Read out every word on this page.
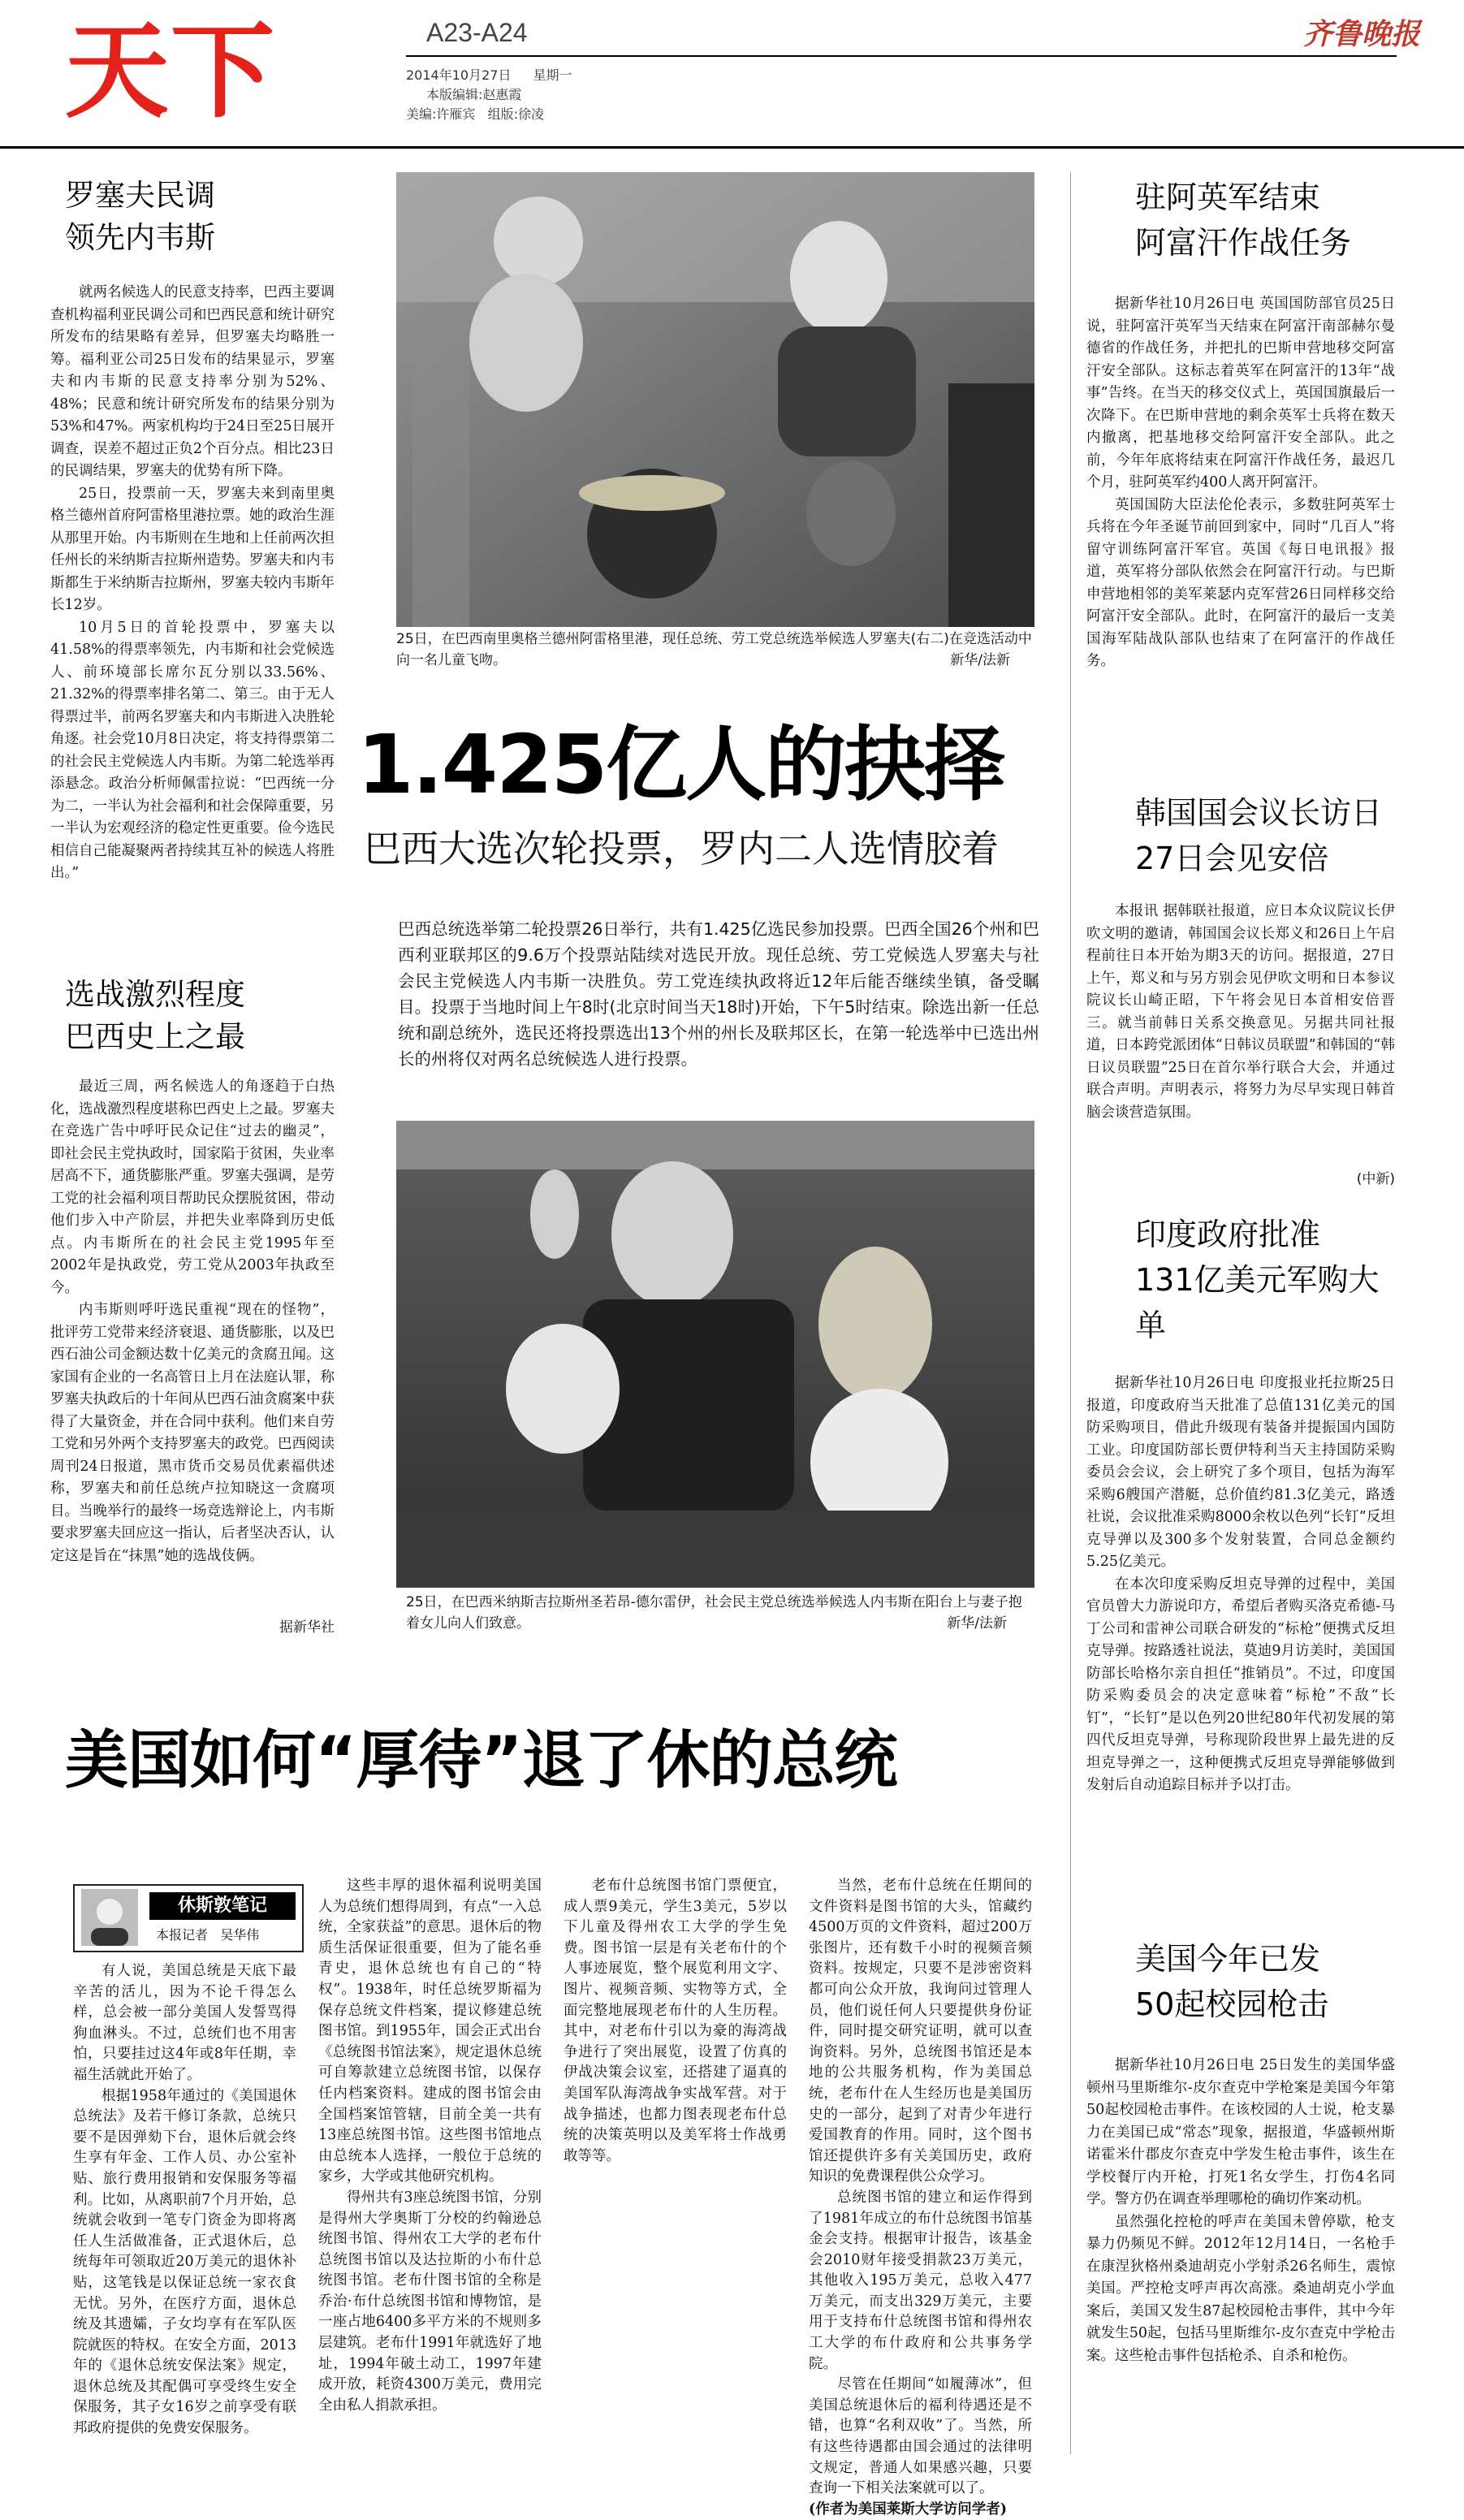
天下	A23-A24
2014年10月27日 星期一
本版编辑:赵惠霞
美编:许雁宾   组版:徐凌
齐鲁晚报
罗塞夫民调
领先内韦斯

就两名候选人的民意支持率，巴西主要调查机构福利亚民调公司和巴西民意和统计研究所发布的结果略有差异，但罗塞夫均略胜一筹。福利亚公司25日发布的结果显示，罗塞夫和内韦斯的民意支持率分别为52%、48%；民意和统计研究所发布的结果分别为53%和47%。两家机构均于24日至25日展开调查，误差不超过正负2个百分点。相比23日的民调结果，罗塞夫的优势有所下降。

25日，投票前一天，罗塞夫来到南里奥格兰德州首府阿雷格里港拉票。她的政治生涯从那里开始。内韦斯则在生地和上任前两次担任州长的米纳斯吉拉斯州造势。罗塞夫和内韦斯都生于米纳斯吉拉斯州，罗塞夫较内韦斯年长12岁。

10月5日的首轮投票中，罗塞夫以41.58%的得票率领先，内韦斯和社会党候选人、前环境部长席尔瓦分别以33.56%、21.32%的得票率排名第二、第三。由于无人得票过半，前两名罗塞夫和内韦斯进入决胜轮角逐。社会党10月8日决定，将支持得票第二的社会民主党候选人内韦斯。为第二轮选举再添悬念。政治分析师佩雷拉说：“巴西统一分为二，一半认为社会福利和社会保障重要，另一半认为宏观经济的稳定性更重要。俭今选民相信自己能凝聚两者持续其互补的候选人将胜出。”

选战激烈程度
巴西史上之最

最近三周，两名候选人的角逐趋于白热化，选战激烈程度堪称巴西史上之最。罗塞夫在竞选广告中呼吁民众记住“过去的幽灵”，即社会民主党执政时，国家陷于贫困，失业率居高不下，通货膨胀严重。罗塞夫强调，是劳工党的社会福利项目帮助民众摆脱贫困，带动他们步入中产阶层，并把失业率降到历史低点。内韦斯所在的社会民主党1995年至2002年是执政党，劳工党从2003年执政至今。

内韦斯则呼吁选民重视“现在的怪物”，批评劳工党带来经济衰退、通货膨胀，以及巴西石油公司金额达数十亿美元的贪腐丑闻。这家国有企业的一名高管日上月在法庭认罪，称罗塞夫执政后的十年间从巴西石油贪腐案中获得了大量资金，并在合同中获利。他们来自劳工党和另外两个支持罗塞夫的政党。巴西阅读周刊24日报道，黑市货币交易员优素福供述称，罗塞夫和前任总统卢拉知晓这一贪腐项目。当晚举行的最终一场竞选辩论上，内韦斯要求罗塞夫回应这一指认，后者坚决否认，认定这是旨在“抹黑”她的选战伎俩。

据新华社
25日，在巴西南里奥格兰德州阿雷格里港，现任总统、劳工党总统选举候选人罗塞夫(右二)在竞选活动中向一名儿童飞吻。	新华/法新
1.425亿人的抉择
巴西大选次轮投票，罗内二人选情胶着
巴西总统选举第二轮投票26日举行，共有1.425亿选民参加投票。巴西全国26个州和巴西利亚联邦区的9.6万个投票站陆续对选民开放。现任总统、劳工党候选人罗塞夫与社会民主党候选人内韦斯一决胜负。劳工党连续执政将近12年后能否继续坐镇，备受瞩目。投票于当地时间上午8时(北京时间当天18时)开始，下午5时结束。除选出新一任总统和副总统外，选民还将投票选出13个州的州长及联邦区长，在第一轮选举中已选出州长的州将仅对两名总统候选人进行投票。
25日，在巴西米纳斯吉拉斯州圣若昂-德尔雷伊，社会民主党总统选举候选人内韦斯在阳台上与妻子抱着女儿向人们致意。	新华/法新
美国如何“厚待”退了休的总统
休斯敦笔记
本报记者   吴华伟

有人说，美国总统是天底下最辛苦的活儿，因为不论千得怎么样，总会被一部分美国人发誓骂得狗血淋头。不过，总统们也不用害怕，只要挂过这4年或8年任期，幸福生活就此开始了。

根据1958年通过的《美国退休总统法》及若干修订条款，总统只要不是因弹劾下台，退休后就会终生享有年金、工作人员、办公室补贴、旅行费用报销和安保服务等福利。比如，从离职前7个月开始，总统就会收到一笔专门资金为即将离任人生活做准备，正式退休后，总统每年可领取近20万美元的退休补贴，这笔钱是以保证总统一家衣食无忧。另外，在医疗方面，退休总统及其遗孀，子女均享有在军队医院就医的特权。在安全方面，2013年的《退休总统安保法案》规定，退休总统及其配偶可享受终生安全保服务，其子女16岁之前享受有联邦政府提供的免费安保服务。

这些丰厚的退休福利说明美国人为总统们想得周到，有点“一入总统，全家获益”的意思。退休后的物质生活保证很重要，但为了能名垂青史，退休总统也有自己的“特权”。1938年，时任总统罗斯福为保存总统文件档案，提议修建总统图书馆。到1955年，国会正式出台《总统图书馆法案》，规定退休总统可自筹款建立总统图书馆，以保存任内档案资料。建成的图书馆会由全国档案馆管辖，目前全美一共有13座总统图书馆。这些图书馆地点由总统本人选择，一般位于总统的家乡，大学或其他研究机构。

得州共有3座总统图书馆，分别是得州大学奥斯丁分校的约翰逊总统图书馆、得州农工大学的老布什总统图书馆以及达拉斯的小布什总统图书馆。老布什图书馆的全称是乔治·布什总统图书馆和博物馆，是一座占地6400多平方米的不规则多层建筑。老布什1991年就选好了地址，1994年破土动工，1997年建成开放，耗资4300万美元，费用完全由私人捐款承担。

老布什总统图书馆门票便宜，成人票9美元，学生3美元，5岁以下儿童及得州农工大学的学生免费。图书馆一层是有关老布什的个人事迹展览，整个展览利用文字、图片、视频音频、实物等方式，全面完整地展现老布什的人生历程。其中，对老布什引以为豪的海湾战争进行了突出展览，设置了仿真的伊战决策会议室，还搭建了逼真的美国军队海湾战争实战军营。对于战争描述，也都力图表现老布什总统的决策英明以及美军将士作战勇敢等等。

当然，老布什总统在任期间的文件资料是图书馆的大头，馆藏约4500万页的文件资料，超过200万张图片，还有数千小时的视频音频资料。按规定，只要不是涉密资料都可向公众开放，我询问过管理人员，他们说任何人只要提供身份证件，同时提交研究证明，就可以查询资料。另外，总统图书馆还是本地的公共服务机构，作为美国总统，老布什在人生经历也是美国历史的一部分，起到了对青少年进行爱国教育的作用。同时，这个图书馆还提供许多有关美国历史，政府知识的免费课程供公众学习。

总统图书馆的建立和运作得到了1981年成立的布什总统图书馆基金会支持。根据审计报告，该基金会2010财年接受捐款23万美元，其他收入195万美元，总收入477万美元，而支出329万美元，主要用于支持布什总统图书馆和得州农工大学的布什政府和公共事务学院。

尽管在任期间“如履薄冰”，但美国总统退休后的福利待遇还是不错，也算“名利双收”了。当然，所有这些待遇都由国会通过的法律明文规定，普通人如果感兴趣，只要查询一下相关法案就可以了。

(作者为美国莱斯大学访问学者)

驻阿英军结束
阿富汗作战任务

据新华社10月26日电 英国国防部官员25日说，驻阿富汗英军当天结束在阿富汗南部赫尔曼德省的作战任务，并把扎的巴斯申营地移交阿富汗安全部队。这标志着英军在阿富汗的13年“战事”告终。在当天的移交仪式上，英国国旗最后一次降下。在巴斯申营地的剩余英军士兵将在数天内撤离，把基地移交给阿富汗安全部队。此之前，今年年底将结束在阿富汗作战任务，最迟几个月，驻阿英军约400人离开阿富汗。

英国国防大臣法伦伦表示，多数驻阿英军士兵将在今年圣诞节前回到家中，同时“几百人”将留守训练阿富汗军官。英国《每日电讯报》报道，英军将分部队依然会在阿富汗行动。与巴斯申营地相邻的美军莱瑟内克军营26日同样移交给阿富汗安全部队。此时，在阿富汗的最后一支美国海军陆战队部队也结束了在阿富汗的作战任务。

韩国国会议长访日
27日会见安倍

本报讯 据韩联社报道，应日本众议院议长伊吹文明的邀请，韩国国会议长郑义和26日上午启程前往日本开始为期3天的访问。据报道，27日上午，郑义和与另方别会见伊吹文明和日本参议院议长山崎正昭，下午将会见日本首相安倍晋三。就当前韩日关系交换意见。另据共同社报道，日本跨党派团体“日韩议员联盟”和韩国的“韩日议员联盟”25日在首尔举行联合大会，并通过联合声明。声明表示，将努力为尽早实现日韩首脑会谈营造氛围。

(中新)
印度政府批准
131亿美元军购大单

据新华社10月26日电 印度报业托拉斯25日报道，印度政府当天批准了总值131亿美元的国防采购项目，借此升级现有装备并提振国内国防工业。印度国防部长贾伊特利当天主持国防采购委员会会议，会上研究了多个项目，包括为海军采购6艘国产潜艇，总价值约81.3亿美元，路透社说，会议批准采购8000余枚以色列“长钉”反坦克导弹以及300多个发射装置，合同总金额约5.25亿美元。

在本次印度采购反坦克导弹的过程中，美国官员曾大力游说印方，希望后者购买洛克希德-马丁公司和雷神公司联合研发的“标枪”便携式反坦克导弹。按路透社说法，莫迪9月访美时，美国国防部长哈格尔亲自担任“推销员”。不过，印度国防采购委员会的决定意味着“标枪”不敌“长钉”，“长钉”是以色列20世纪80年代初发展的第四代反坦克导弹，号称现阶段世界上最先进的反坦克导弹之一，这种便携式反坦克导弹能够做到发射后自动追踪目标并予以打击。

美国今年已发
50起校园枪击

据新华社10月26日电 25日发生的美国华盛顿州马里斯维尔-皮尔查克中学枪案是美国今年第50起校园枪击事件。在该校园的人士说，枪支暴力在美国已成“常态”现象，据报道，华盛顿州斯诺霍米什郡皮尔查克中学发生枪击事件，该生在学校餐厅内开枪，打死1名女学生，打伤4名同学。警方仍在调查举理哪枪的确切作案动机。

虽然强化控枪的呼声在美国未曾停歇，枪支暴力仍频见不鲜。2012年12月14日，一名枪手在康涅狄格州桑迪胡克小学射杀26名师生，震惊美国。严控枪支呼声再次高涨。桑迪胡克小学血案后，美国又发生87起校园枪击事件，其中今年就发生50起，包括马里斯维尔-皮尔查克中学枪击案。这些枪击事件包括枪杀、自杀和枪伤。
